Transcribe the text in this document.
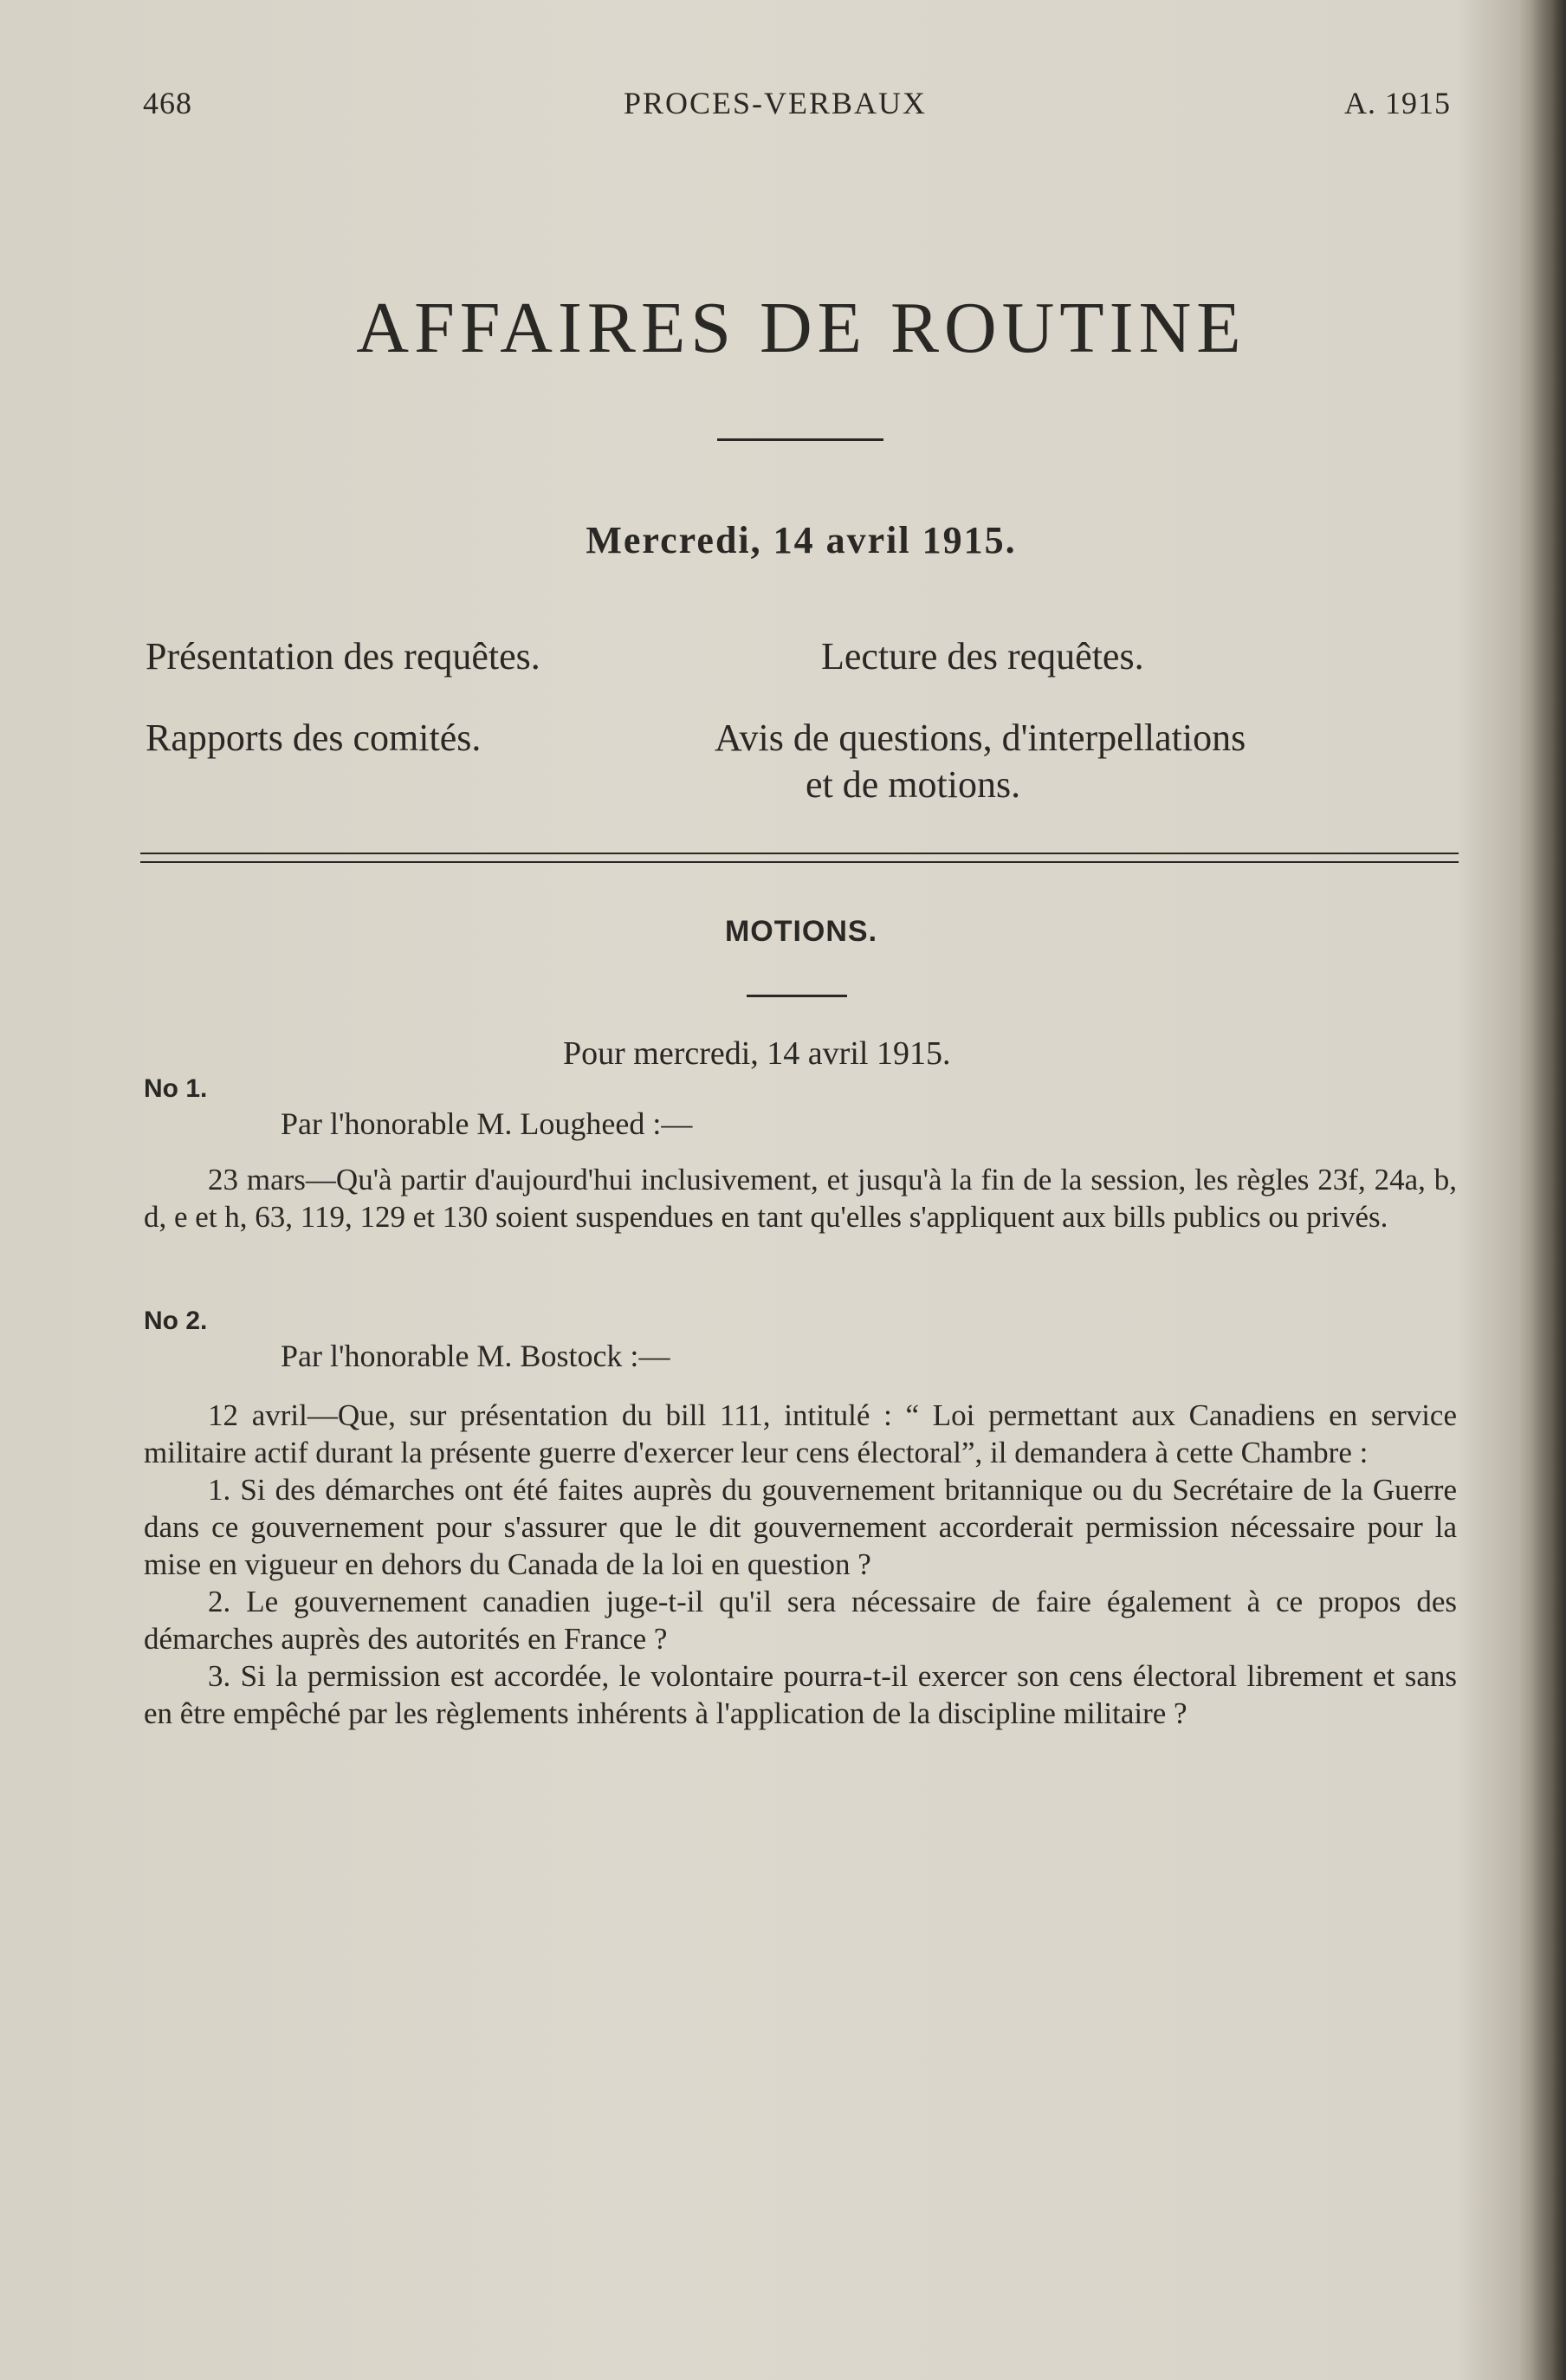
468	PROCES-VERBAUX	A. 1915
AFFAIRES DE ROUTINE
Mercredi, 14 avril 1915.
Présentation des requêtes.	Lecture des requêtes.
Rapports des comités.	Avis de questions, d'interpellations
et de motions.
MOTIONS.
Pour mercredi, 14 avril 1915.
No 1.
Par l'honorable M. Lougheed :—

23 mars—Qu'à partir d'aujourd'hui inclusivement, et jusqu'à la fin de la session, les règles 23f, 24a, b, d, e et h, 63, 119, 129 et 130 soient suspendues en tant qu'elles s'appliquent aux bills publics ou privés.

No 2.
Par l'honorable M. Bostock :—

12 avril—Que, sur présentation du bill 111, intitulé : “ Loi permettant aux Canadiens en service militaire actif durant la présente guerre d'exercer leur cens électoral”, il demandera à cette Chambre :

1. Si des démarches ont été faites auprès du gouvernement britannique ou du Secrétaire de la Guerre dans ce gouvernement pour s'assurer que le dit gouvernement accorderait permission nécessaire pour la mise en vigueur en dehors du Canada de la loi en question ?

2. Le gouvernement canadien juge-t-il qu'il sera nécessaire de faire également à ce propos des démarches auprès des autorités en France ?

3. Si la permission est accordée, le volontaire pourra-t-il exercer son cens électoral librement et sans en être empêché par les règlements inhérents à l'application de la discipline militaire ?
